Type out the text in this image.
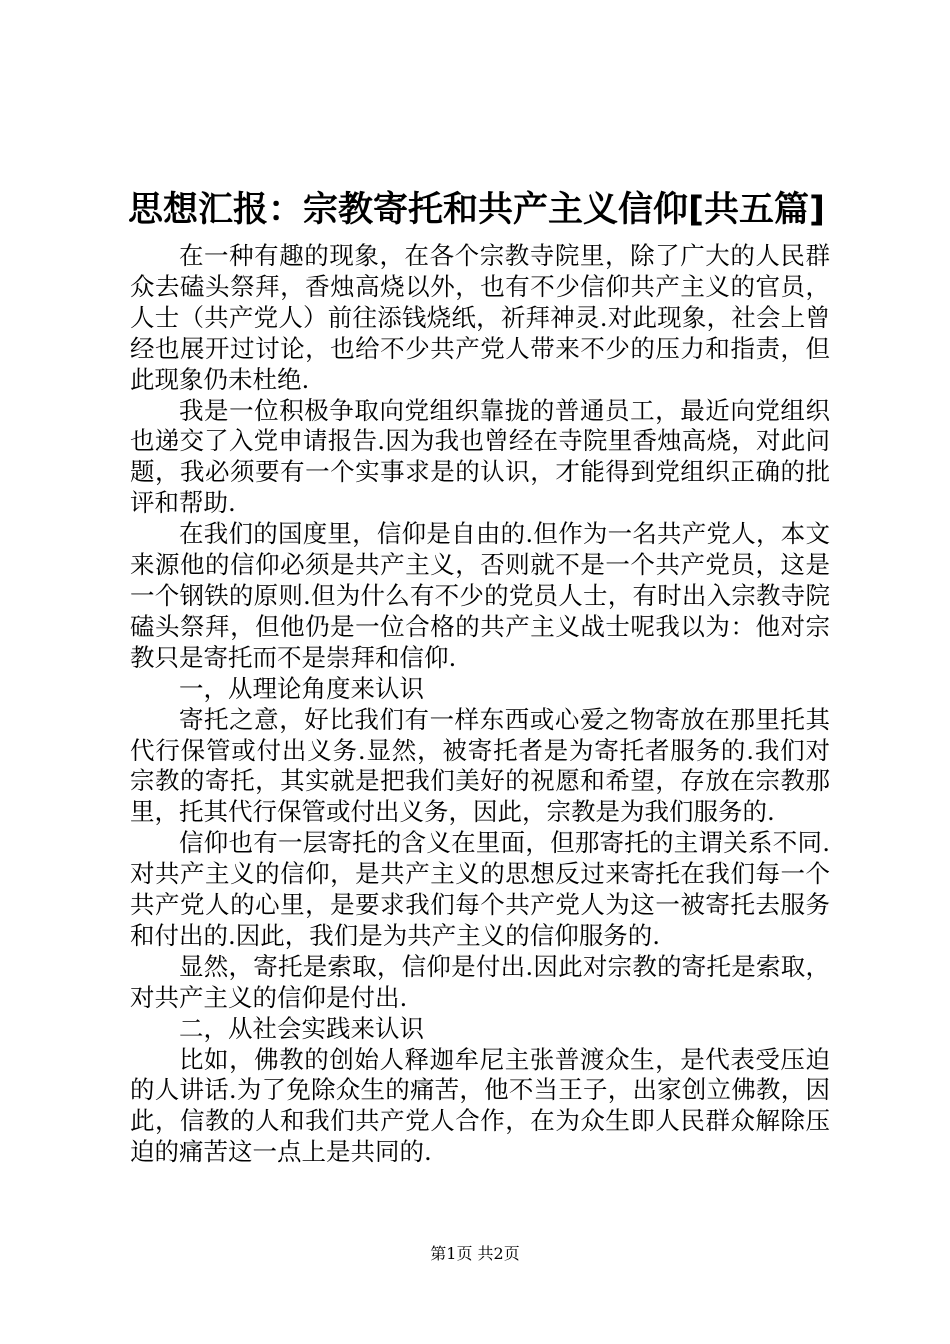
思想汇报：宗教寄托和共产主义信仰[共五篇]

在一种有趣的现象，在各个宗教寺院里，除了广大的人民群众去磕头祭拜，香烛高烧以外，也有不少信仰共产主义的官员，人士（共产党人）前往添钱烧纸，祈拜神灵.对此现象，社会上曾经也展开过讨论，也给不少共产党人带来不少的压力和指责，但此现象仍未杜绝.

我是一位积极争取向党组织靠拢的普通员工，最近向党组织也递交了入党申请报告.因为我也曾经在寺院里香烛高烧，对此问题，我必须要有一个实事求是的认识，才能得到党组织正确的批评和帮助.

在我们的国度里，信仰是自由的.但作为一名共产党人，本文来源他的信仰必须是共产主义，否则就不是一个共产党员，这是一个钢铁的原则.但为什么有不少的党员人士，有时出入宗教寺院磕头祭拜，但他仍是一位合格的共产主义战士呢我以为：他对宗教只是寄托而不是崇拜和信仰.

一，从理论角度来认识

寄托之意，好比我们有一样东西或心爱之物寄放在那里托其代行保管或付出义务.显然，被寄托者是为寄托者服务的.我们对宗教的寄托，其实就是把我们美好的祝愿和希望，存放在宗教那里，托其代行保管或付出义务，因此，宗教是为我们服务的.

信仰也有一层寄托的含义在里面，但那寄托的主谓关系不同.对共产主义的信仰，是共产主义的思想反过来寄托在我们每一个共产党人的心里，是要求我们每个共产党人为这一被寄托去服务和付出的.因此，我们是为共产主义的信仰服务的.

显然，寄托是索取，信仰是付出.因此对宗教的寄托是索取，对共产主义的信仰是付出.

二，从社会实践来认识

比如，佛教的创始人释迦牟尼主张普渡众生，是代表受压迫的人讲话.为了免除众生的痛苦，他不当王子，出家创立佛教，因此，信教的人和我们共产党人合作，在为众生即人民群众解除压迫的痛苦这一点上是共同的.

第1页 共2页
